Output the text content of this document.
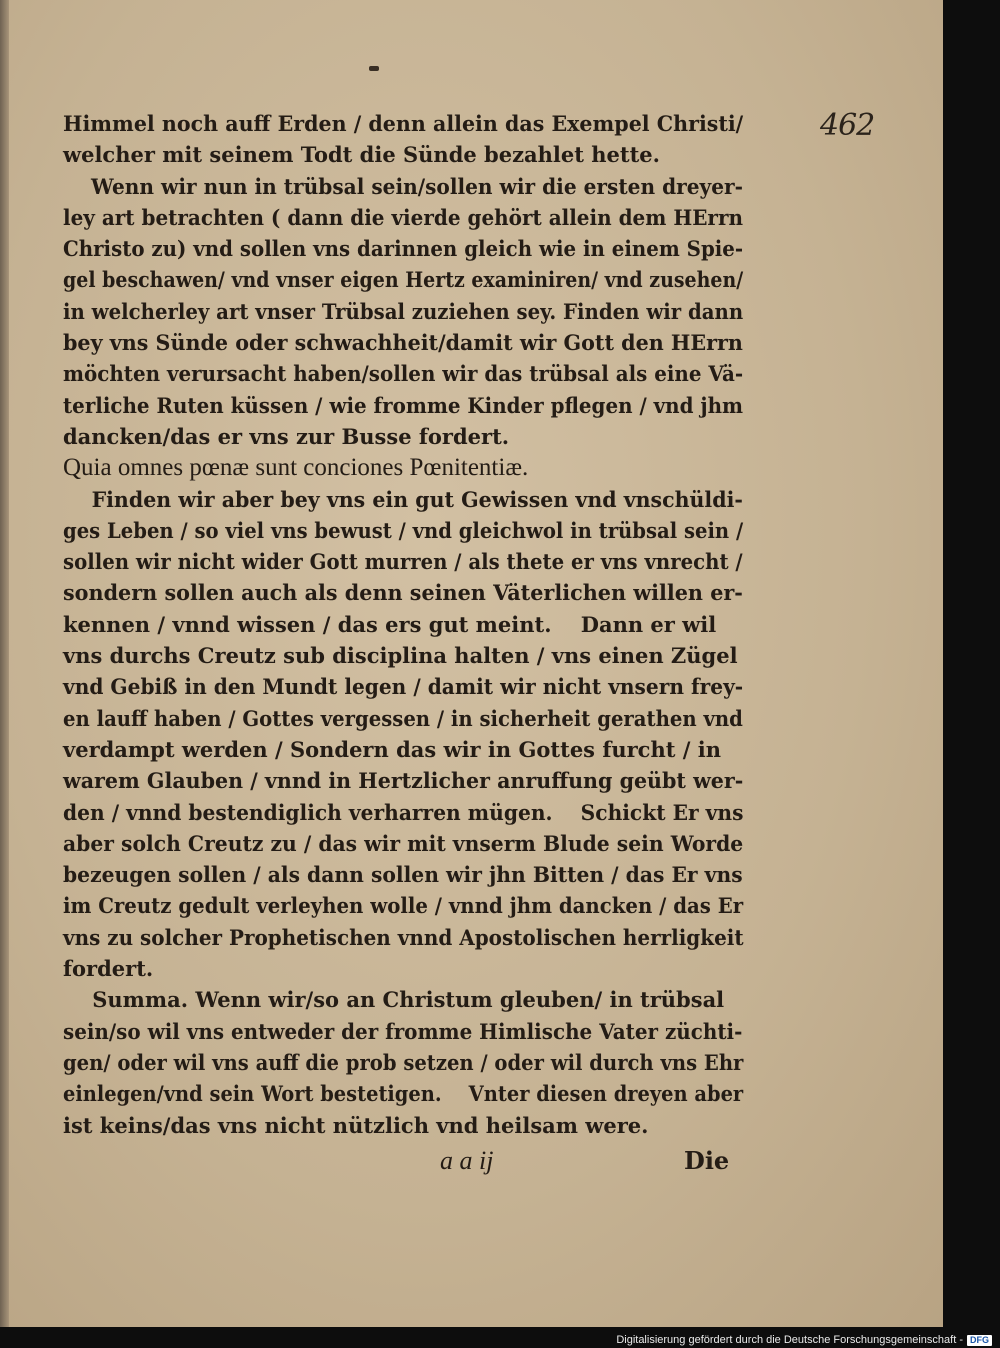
462
Himmel noch auff Erden / denn allein das Exempel Christi/
welcher mit seinem Todt die Sünde bezahlet hette.
Wenn wir nun in trübsal sein/sollen wir die ersten dreyer-
ley art betrachten ( dann die vierde gehört allein dem HErrn
Christo zu) vnd sollen vns darinnen gleich wie in einem Spie-
gel beschawen/ vnd vnser eigen Hertz examiniren/ vnd zusehen/
in welcherley art vnser Trübsal zuziehen sey. Finden wir dann
bey vns Sünde oder schwachheit/damit wir Gott den HErrn
möchten verursacht haben/sollen wir das trübsal als eine Vä-
terliche Ruten küssen / wie fromme Kinder pflegen / vnd jhm
dancken/das er vns zur Busse fordert.
Quia omnes pœnæ sunt conciones Pœnitentiæ.
Finden wir aber bey vns ein gut Gewissen vnd vnschüldi-
ges Leben / so viel vns bewust / vnd gleichwol in trübsal sein /
sollen wir nicht wider Gott murren / als thete er vns vnrecht /
sondern sollen auch als denn seinen Väterlichen willen er-
kennen / vnnd wissen / das ers gut meint.    Dann er wil
vns durchs Creutz sub disciplina halten / vns einen Zügel
vnd Gebiß in den Mundt legen / damit wir nicht vnsern frey-
en lauff haben / Gottes vergessen / in sicherheit gerathen vnd
verdampt werden / Sondern das wir in Gottes furcht / in
warem Glauben / vnnd in Hertzlicher anruffung geübt wer-
den / vnnd bestendiglich verharren mügen.    Schickt Er vns
aber solch Creutz zu / das wir mit vnserm Blude sein Worde
bezeugen sollen / als dann sollen wir jhn Bitten / das Er vns
im Creutz gedult verleyhen wolle / vnnd jhm dancken / das Er
vns zu solcher Prophetischen vnnd Apostolischen herrligkeit
fordert.
Summa. Wenn wir/so an Christum gleuben/ in trübsal
sein/so wil vns entweder der fromme Himlische Vater züchti-
gen/ oder wil vns auff die prob setzen / oder wil durch vns Ehr
einlegen/vnd sein Wort bestetigen.    Vnter diesen dreyen aber
ist keins/das vns nicht nützlich vnd heilsam were.
a a ij	Die
Digitalisierung gefördert durch die Deutsche Forschungsgemeinschaft - DFG
